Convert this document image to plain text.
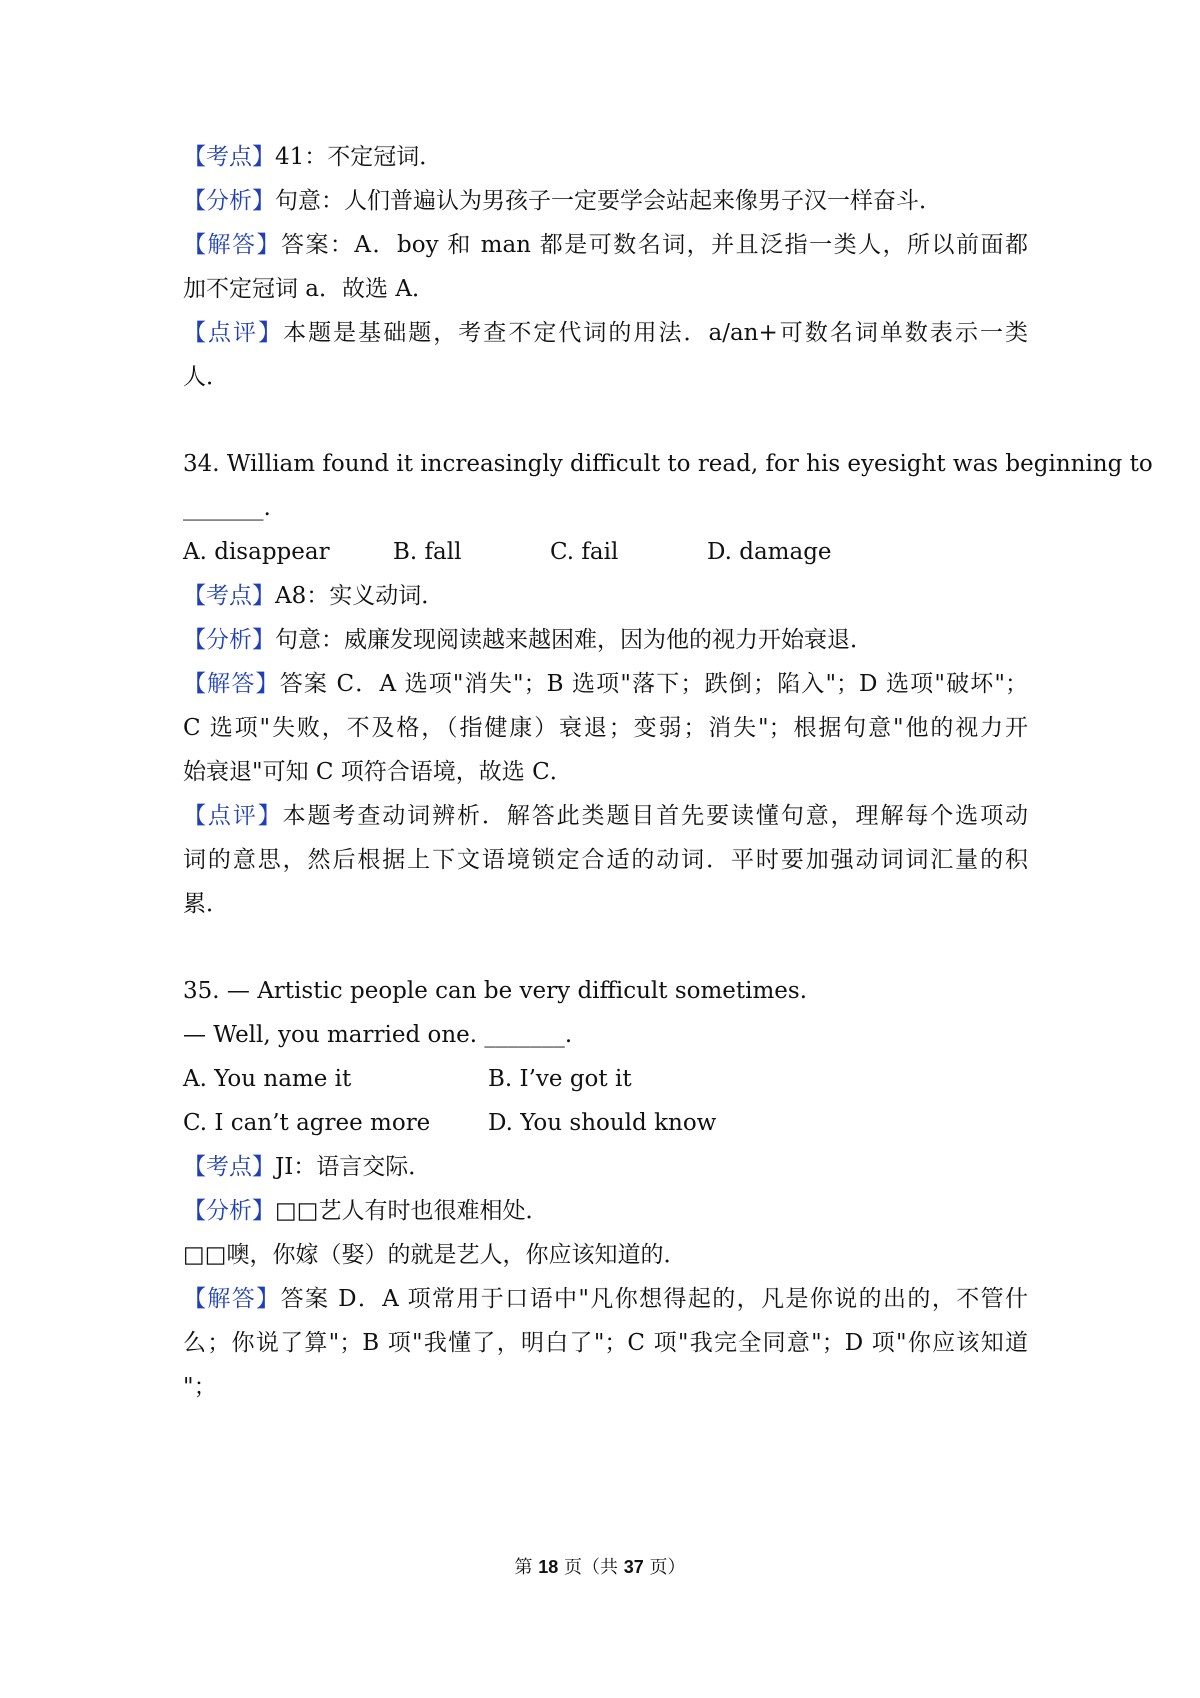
【考点】41：不定冠词．
【分析】句意：人们普遍认为男孩子一定要学会站起来像男子汉一样奋斗．
【解答】答案：A．boy 和 man 都是可数名词，并且泛指一类人，所以前面都
加不定冠词 a．故选 A．
【点评】本题是基础题，考查不定代词的用法．a/an+可数名词单数表示一类
人．
34. William found it increasingly difficult to read, for his eyesight was beginning to
_______.
A. disappear	B. fall	C. fail	D. damage
【考点】A8：实义动词．
【分析】句意：威廉发现阅读越来越困难，因为他的视力开始衰退．
【解答】答案 C．A 选项"消失"；B 选项"落下；跌倒；陷入"；D 选项"破坏"；
C 选项"失败，不及格，（指健康）衰退；变弱；消失"；根据句意"他的视力开
始衰退"可知 C 项符合语境，故选 C．
【点评】本题考查动词辨析．解答此类题目首先要读懂句意，理解每个选项动
词的意思，然后根据上下文语境锁定合适的动词．平时要加强动词词汇量的积
累．
35. — Artistic people can be very difficult sometimes.
— Well, you married one. _______.
A. You name it	B. I’ve got it
C. I can’t agree more	D. You should know
【考点】JI：语言交际．
【分析】□□艺人有时也很难相处．
□□噢，你嫁（娶）的就是艺人，你应该知道的．
【解答】答案 D．A 项常用于口语中"凡你想得起的，凡是你说的出的，不管什
么；你说了算"；B 项"我懂了，明白了"；C 项"我完全同意"；D 项"你应该知道
"；
第 18 页（共 37 页）
